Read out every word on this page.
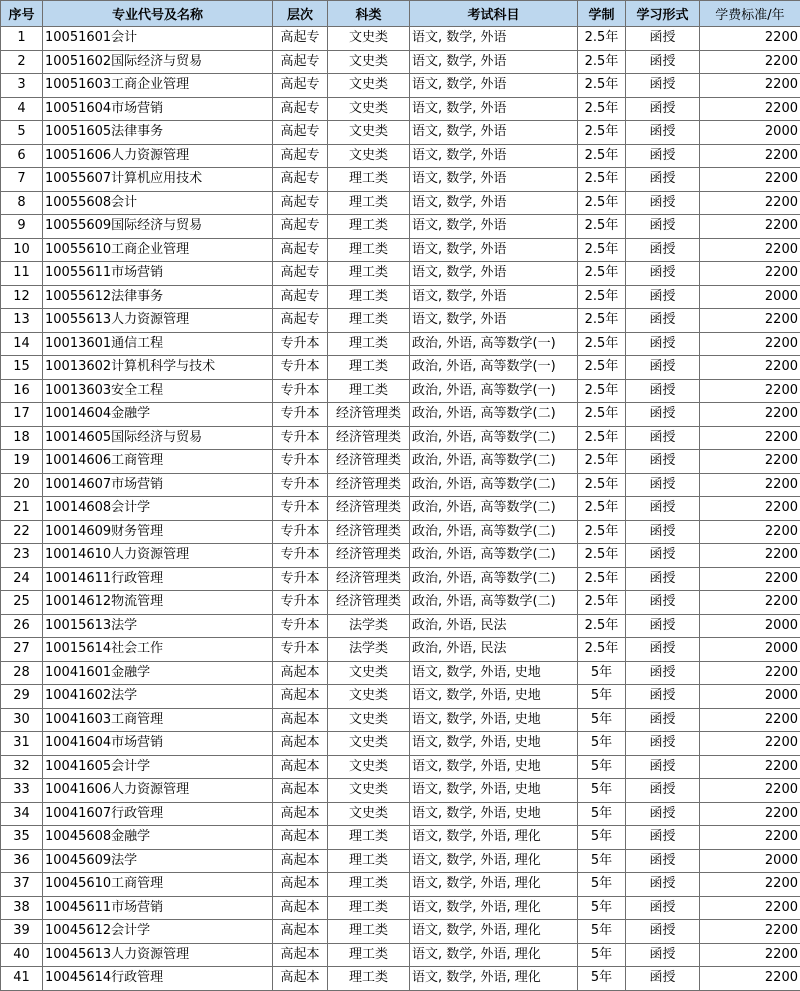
序号	专业代号及名称	层次	科类	考试科目	学制	学习形式	学费标准/年
1	10051601会计	高起专	文史类	语文, 数学, 外语	2.5年	函授	2200
2	10051602国际经济与贸易	高起专	文史类	语文, 数学, 外语	2.5年	函授	2200
3	10051603工商企业管理	高起专	文史类	语文, 数学, 外语	2.5年	函授	2200
4	10051604市场营销	高起专	文史类	语文, 数学, 外语	2.5年	函授	2200
5	10051605法律事务	高起专	文史类	语文, 数学, 外语	2.5年	函授	2000
6	10051606人力资源管理	高起专	文史类	语文, 数学, 外语	2.5年	函授	2200
7	10055607计算机应用技术	高起专	理工类	语文, 数学, 外语	2.5年	函授	2200
8	10055608会计	高起专	理工类	语文, 数学, 外语	2.5年	函授	2200
9	10055609国际经济与贸易	高起专	理工类	语文, 数学, 外语	2.5年	函授	2200
10	10055610工商企业管理	高起专	理工类	语文, 数学, 外语	2.5年	函授	2200
11	10055611市场营销	高起专	理工类	语文, 数学, 外语	2.5年	函授	2200
12	10055612法律事务	高起专	理工类	语文, 数学, 外语	2.5年	函授	2000
13	10055613人力资源管理	高起专	理工类	语文, 数学, 外语	2.5年	函授	2200
14	10013601通信工程	专升本	理工类	政治, 外语, 高等数学(一)	2.5年	函授	2200
15	10013602计算机科学与技术	专升本	理工类	政治, 外语, 高等数学(一)	2.5年	函授	2200
16	10013603安全工程	专升本	理工类	政治, 外语, 高等数学(一)	2.5年	函授	2200
17	10014604金融学	专升本	经济管理类	政治, 外语, 高等数学(二)	2.5年	函授	2200
18	10014605国际经济与贸易	专升本	经济管理类	政治, 外语, 高等数学(二)	2.5年	函授	2200
19	10014606工商管理	专升本	经济管理类	政治, 外语, 高等数学(二)	2.5年	函授	2200
20	10014607市场营销	专升本	经济管理类	政治, 外语, 高等数学(二)	2.5年	函授	2200
21	10014608会计学	专升本	经济管理类	政治, 外语, 高等数学(二)	2.5年	函授	2200
22	10014609财务管理	专升本	经济管理类	政治, 外语, 高等数学(二)	2.5年	函授	2200
23	10014610人力资源管理	专升本	经济管理类	政治, 外语, 高等数学(二)	2.5年	函授	2200
24	10014611行政管理	专升本	经济管理类	政治, 外语, 高等数学(二)	2.5年	函授	2200
25	10014612物流管理	专升本	经济管理类	政治, 外语, 高等数学(二)	2.5年	函授	2200
26	10015613法学	专升本	法学类	政治, 外语, 民法	2.5年	函授	2000
27	10015614社会工作	专升本	法学类	政治, 外语, 民法	2.5年	函授	2000
28	10041601金融学	高起本	文史类	语文, 数学, 外语, 史地	5年	函授	2200
29	10041602法学	高起本	文史类	语文, 数学, 外语, 史地	5年	函授	2000
30	10041603工商管理	高起本	文史类	语文, 数学, 外语, 史地	5年	函授	2200
31	10041604市场营销	高起本	文史类	语文, 数学, 外语, 史地	5年	函授	2200
32	10041605会计学	高起本	文史类	语文, 数学, 外语, 史地	5年	函授	2200
33	10041606人力资源管理	高起本	文史类	语文, 数学, 外语, 史地	5年	函授	2200
34	10041607行政管理	高起本	文史类	语文, 数学, 外语, 史地	5年	函授	2200
35	10045608金融学	高起本	理工类	语文, 数学, 外语, 理化	5年	函授	2200
36	10045609法学	高起本	理工类	语文, 数学, 外语, 理化	5年	函授	2000
37	10045610工商管理	高起本	理工类	语文, 数学, 外语, 理化	5年	函授	2200
38	10045611市场营销	高起本	理工类	语文, 数学, 外语, 理化	5年	函授	2200
39	10045612会计学	高起本	理工类	语文, 数学, 外语, 理化	5年	函授	2200
40	10045613人力资源管理	高起本	理工类	语文, 数学, 外语, 理化	5年	函授	2200
41	10045614行政管理	高起本	理工类	语文, 数学, 外语, 理化	5年	函授	2200
